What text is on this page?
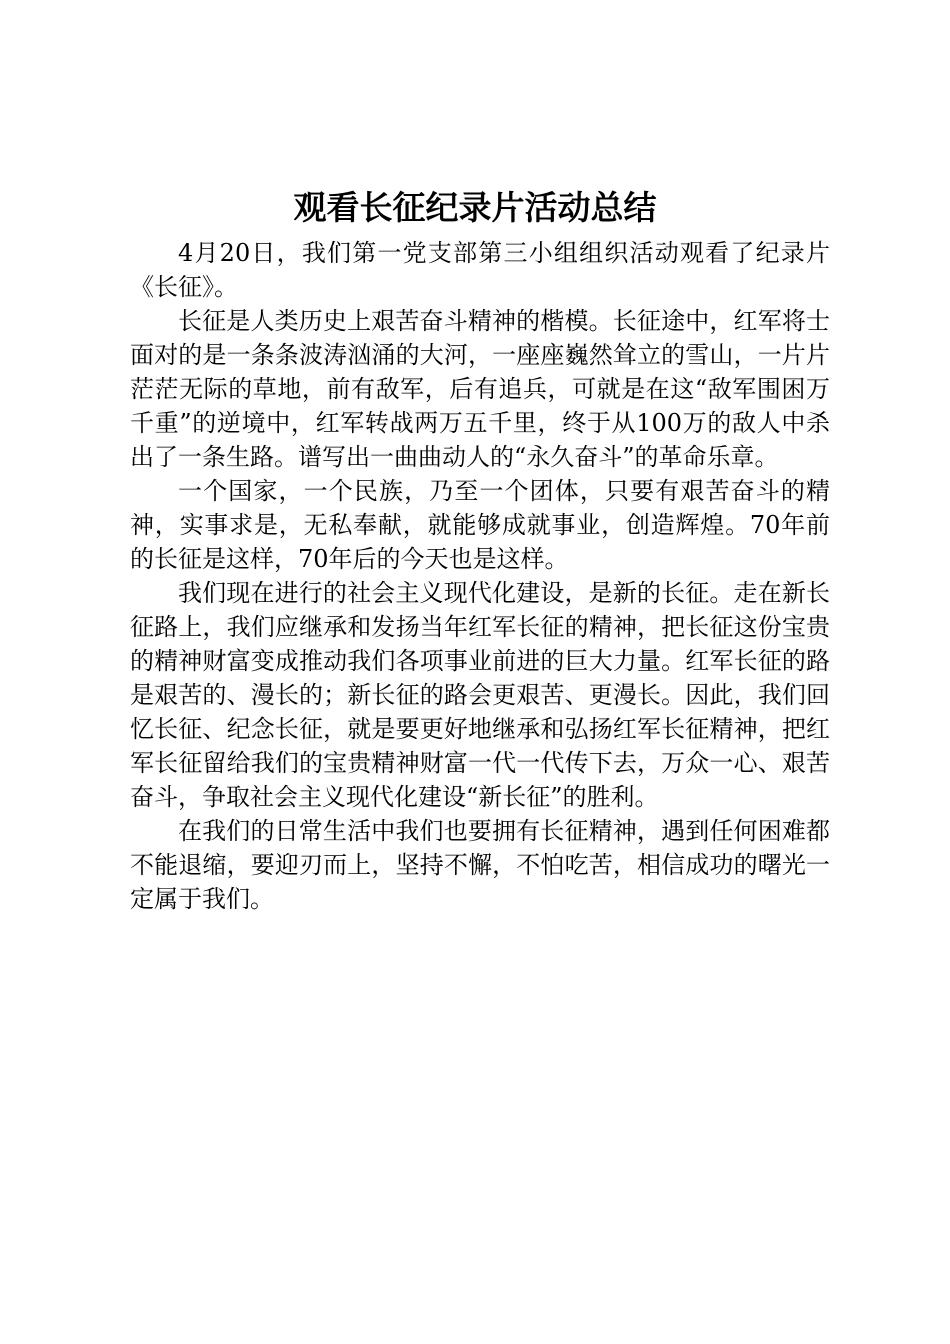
观看长征纪录片活动总结

4月20日，我们第一党支部第三小组组织活动观看了纪录片《长征》。

长征是人类历史上艰苦奋斗精神的楷模。长征途中，红军将士面对的是一条条波涛汹涌的大河，一座座巍然耸立的雪山，一片片茫茫无际的草地，前有敌军，后有追兵，可就是在这“敌军围困万千重”的逆境中，红军转战两万五千里，终于从100万的敌人中杀出了一条生路。谱写出一曲曲动人的“永久奋斗”的革命乐章。

一个国家，一个民族，乃至一个团体，只要有艰苦奋斗的精神，实事求是，无私奉献，就能够成就事业，创造辉煌。70年前的长征是这样，70年后的今天也是这样。

我们现在进行的社会主义现代化建设，是新的长征。走在新长征路上，我们应继承和发扬当年红军长征的精神，把长征这份宝贵的精神财富变成推动我们各项事业前进的巨大力量。红军长征的路是艰苦的、漫长的；新长征的路会更艰苦、更漫长。因此，我们回忆长征、纪念长征，就是要更好地继承和弘扬红军长征精神，把红军长征留给我们的宝贵精神财富一代一代传下去，万众一心、艰苦奋斗，争取社会主义现代化建设“新长征”的胜利。

在我们的日常生活中我们也要拥有长征精神，遇到任何困难都不能退缩，要迎刃而上，坚持不懈，不怕吃苦，相信成功的曙光一定属于我们。
